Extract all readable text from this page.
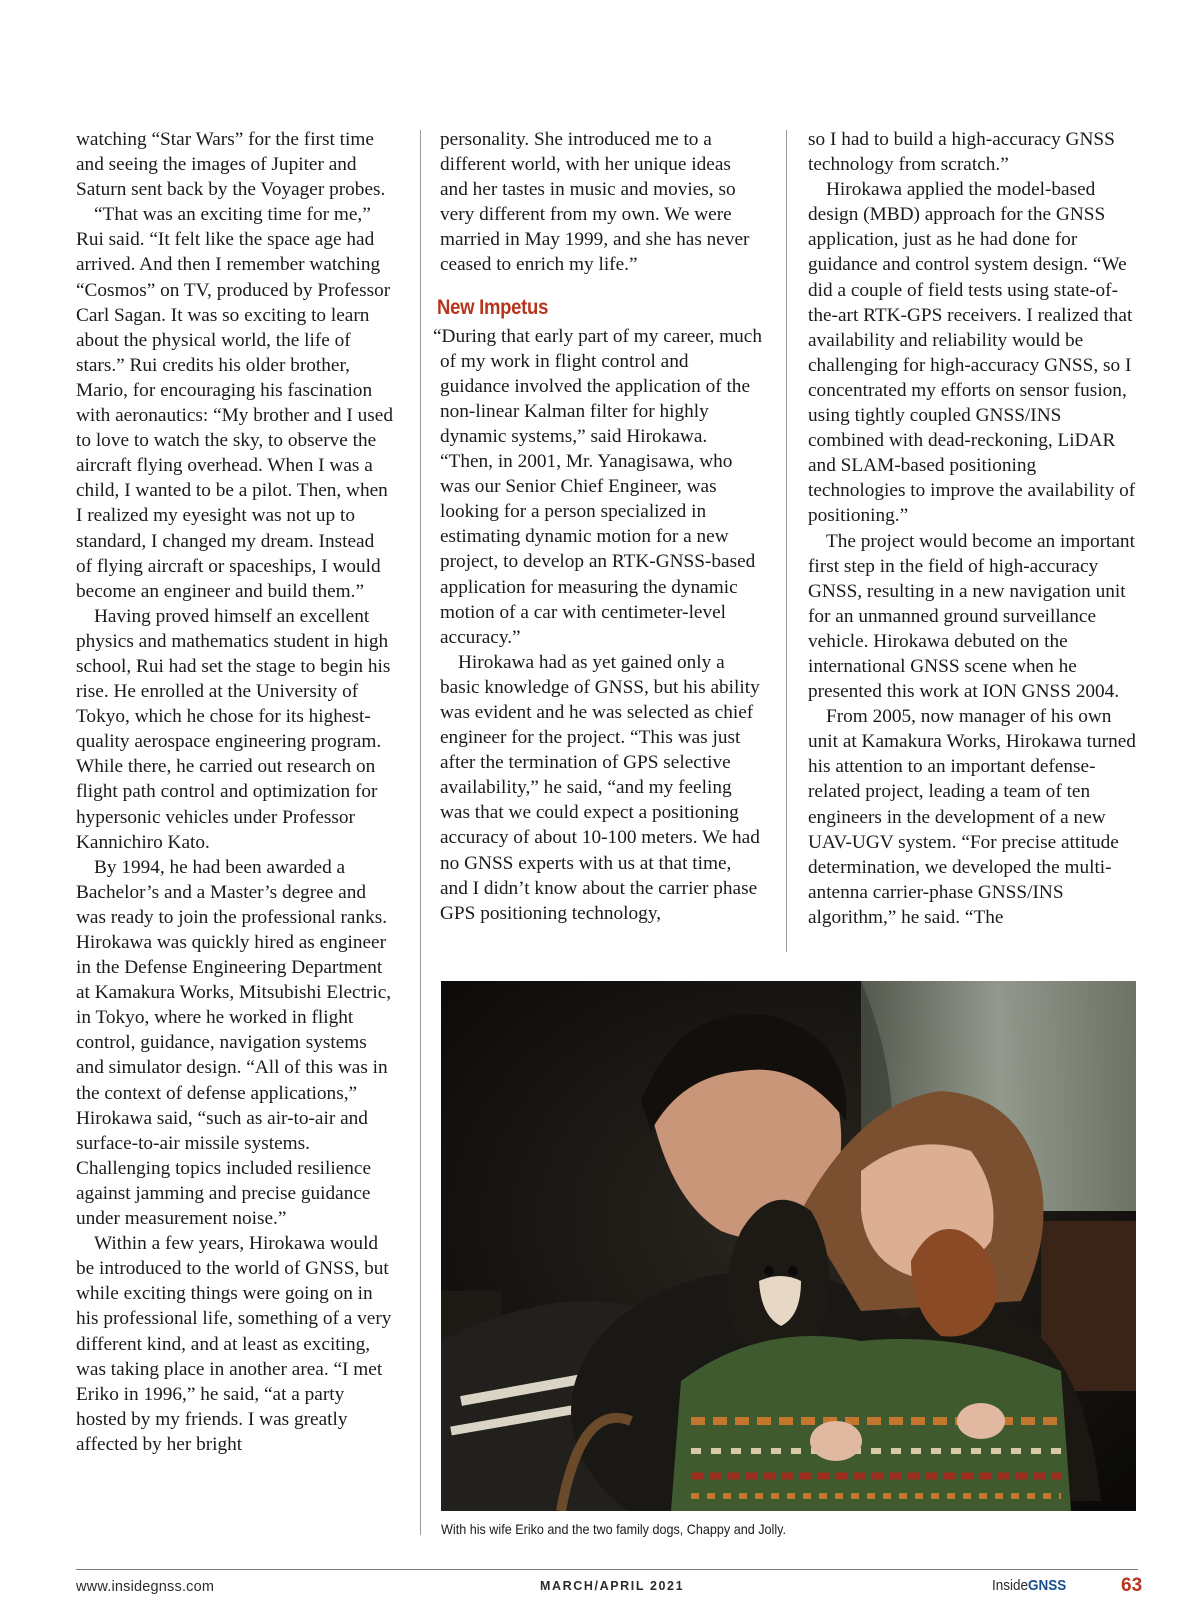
watching “Star Wars” for the first time and seeing the images of Jupiter and Saturn sent back by the Voyager probes.

“That was an exciting time for me,” Rui said. “It felt like the space age had arrived. And then I remember watching “Cosmos” on TV, produced by Professor Carl Sagan. It was so exciting to learn about the physical world, the life of stars.” Rui credits his older brother, Mario, for encouraging his fascination with aeronautics: “My brother and I used to love to watch the sky, to observe the aircraft flying overhead. When I was a child, I wanted to be a pilot. Then, when I realized my eyesight was not up to standard, I changed my dream. Instead of flying aircraft or spaceships, I would become an engineer and build them.”

Having proved himself an excellent physics and mathematics student in high school, Rui had set the stage to begin his rise. He enrolled at the University of Tokyo, which he chose for its highest-quality aerospace engineering program. While there, he carried out research on flight path control and optimization for hypersonic vehicles under Professor Kannichiro Kato.

By 1994, he had been awarded a Bachelor’s and a Master’s degree and was ready to join the professional ranks. Hirokawa was quickly hired as engineer in the Defense Engineering Department at Kamakura Works, Mitsubishi Electric, in Tokyo, where he worked in flight control, guidance, navigation systems and simulator design. “All of this was in the context of defense applications,” Hirokawa said, “such as air-to-air and surface-to-air missile systems. Challenging topics included resilience against jamming and precise guidance under measurement noise.”

Within a few years, Hirokawa would be introduced to the world of GNSS, but while exciting things were going on in his professional life, something of a very different kind, and at least as exciting, was taking place in another area. “I met Eriko in 1996,” he said, “at a party hosted by my friends. I was greatly affected by her bright

personality. She introduced me to a different world, with her unique ideas and her tastes in music and movies, so very different from my own. We were married in May 1999, and she has never ceased to enrich my life.”

New Impetus

“During that early part of my career, much of my work in flight control and guidance involved the application of the non-linear Kalman filter for highly dynamic systems,” said Hirokawa. “Then, in 2001, Mr. Yanagisawa, who was our Senior Chief Engineer, was looking for a person specialized in estimating dynamic motion for a new project, to develop an RTK-GNSS-based application for measuring the dynamic motion of a car with centimeter-level accuracy.”

Hirokawa had as yet gained only a basic knowledge of GNSS, but his ability was evident and he was selected as chief engineer for the project. “This was just after the termination of GPS selective availability,” he said, “and my feeling was that we could expect a positioning accuracy of about 10-100 meters. We had no GNSS experts with us at that time, and I didn’t know about the carrier phase GPS positioning technology,

so I had to build a high-accuracy GNSS technology from scratch.”

Hirokawa applied the model-based design (MBD) approach for the GNSS application, just as he had done for guidance and control system design. “We did a couple of field tests using state-of-the-art RTK-GPS receivers. I realized that availability and reliability would be challenging for high-accuracy GNSS, so I concentrated my efforts on sensor fusion, using tightly coupled GNSS/INS combined with dead-reckoning, LiDAR and SLAM-based positioning technologies to improve the availability of positioning.”

The project would become an important first step in the field of high-accuracy GNSS, resulting in a new navigation unit for an unmanned ground surveillance vehicle. Hirokawa debuted on the international GNSS scene when he presented this work at ION GNSS 2004.

From 2005, now manager of his own unit at Kamakura Works, Hirokawa turned his attention to an important defense-related project, leading a team of ten engineers in the development of a new UAV-UGV system. “For precise attitude determination, we developed the multi-antenna carrier-phase GNSS/INS algorithm,” he said. “The

With his wife Eriko and the two family dogs, Chappy and Jolly.
www.insidegnss.com	MARCH/APRIL 2021	InsideGNSS	63
